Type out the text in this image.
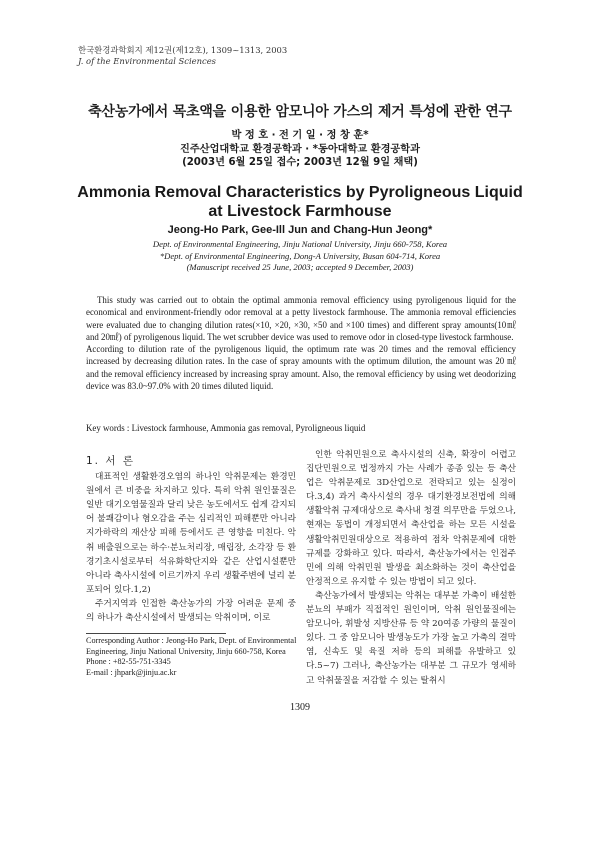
한국환경과학회지 제12권(제12호), 1309~1313, 2003
J. of the Environmental Sciences
축산농가에서 목초액을 이용한 암모니아 가스의 제거 특성에 관한 연구
박 정 호 · 전 기 일 · 정 창 훈*
진주산업대학교 환경공학과 · *동아대학교 환경공학과
(2003년 6월 25일 접수; 2003년 12월 9일 채택)
Ammonia Removal Characteristics by Pyroligneous Liquid
at Livestock Farmhouse
Jeong-Ho Park, Gee-Ill Jun and Chang-Hun Jeong*
Dept. of Environmental Engineering, Jinju National University, Jinju 660-758, Korea
*Dept. of Environmental Engineering, Dong-A University, Busan 604-714, Korea
(Manuscript received 25 June, 2003; accepted 9 December, 2003)

This study was carried out to obtain the optimal ammonia removal efficiency using pyroligenous liquid for the economical and environment-friendly odor removal at a petty livestock farmhouse. The ammonia removal efficiencies were evaluated due to changing dilution rates(×10, ×20, ×30, ×50 and ×100 times) and different spray amounts(10㎖ and 20㎖) of pyroligenous liquid. The wet scrubber device was used to remove odor in closed-type livestock farmhouse.

According to dilution rate of the pyroligenous liquid, the optimum rate was 20 times and the removal efficiency increased by decreasing dilution rates. In the case of spray amounts with the optimum dilution, the amount was 20 ㎖ and the removal efficiency increased by increasing spray amount. Also, the removal efficiency by using wet deodorizing device was 83.0~97.0% with 20 times diluted liquid.

Key words : Livestock farmhouse, Ammonia gas removal, Pyroligneous liquid
1. 서 론

대표적인 생활환경오염의 하나인 악취문제는 환경민원에서 큰 비중을 차지하고 있다. 특히 악취 원인물질은 일반 대기오염물질과 달리 낮은 농도에서도 쉽게 감지되어 불쾌감이나 혐오감을 주는 심리적인 피해뿐만 아니라 지가하락의 재산상 피해 등에서도 큰 영향을 미친다. 악취 배출원으로는 하수·분뇨처리장, 매립장, 소각장 등 환경기초시설로부터 석유화학단지와 같은 산업시설뿐만 아니라 축사시설에 이르기까지 우리 생활주변에 널리 분포되어 있다.1,2)

주거지역과 인접한 축산농가의 가장 어려운 문제 중의 하나가 축산시설에서 발생되는 악취이며, 이로

인한 악취민원으로 축사시설의 신축, 확장이 어렵고 집단민원으로 법정까지 가는 사례가 종종 있는 등 축산업은 악취문제로 3D산업으로 전락되고 있는 실정이다.3,4) 과거 축사시설의 경우 대기환경보전법에 의해 생활악취 규제대상으로 축사내 청결 의무만을 두었으나, 현재는 동법이 개정되면서 축산업을 하는 모든 시설을 생활악취민원대상으로 적용하여 점차 악취문제에 대한 규제를 강화하고 있다. 따라서, 축산농가에서는 인접주민에 의해 악취민원 발생을 최소화하는 것이 축산업을 안정적으로 유지할 수 있는 방법이 되고 있다.

축산농가에서 발생되는 악취는 대부분 가축이 배설한 분뇨의 부패가 직접적인 원인이며, 악취 원인물질에는 암모니아, 휘발성 지방산류 등 약 20여종 가량의 물질이 있다. 그 중 암모니아 발생농도가 가장 높고 가축의 결막염, 신속도 및 육질 저하 등의 피해를 유발하고 있다.5~7) 그러나, 축산농가는 대부분 그 규모가 영세하고 악취물질을 저감할 수 있는 탈취시

Corresponding Author : Jeong-Ho Park, Dept. of Environmental Engineering, Jinju National University, Jinju 660-758, Korea
Phone : +82-55-751-3345
E-mail : jhpark@jinju.ac.kr
1309
